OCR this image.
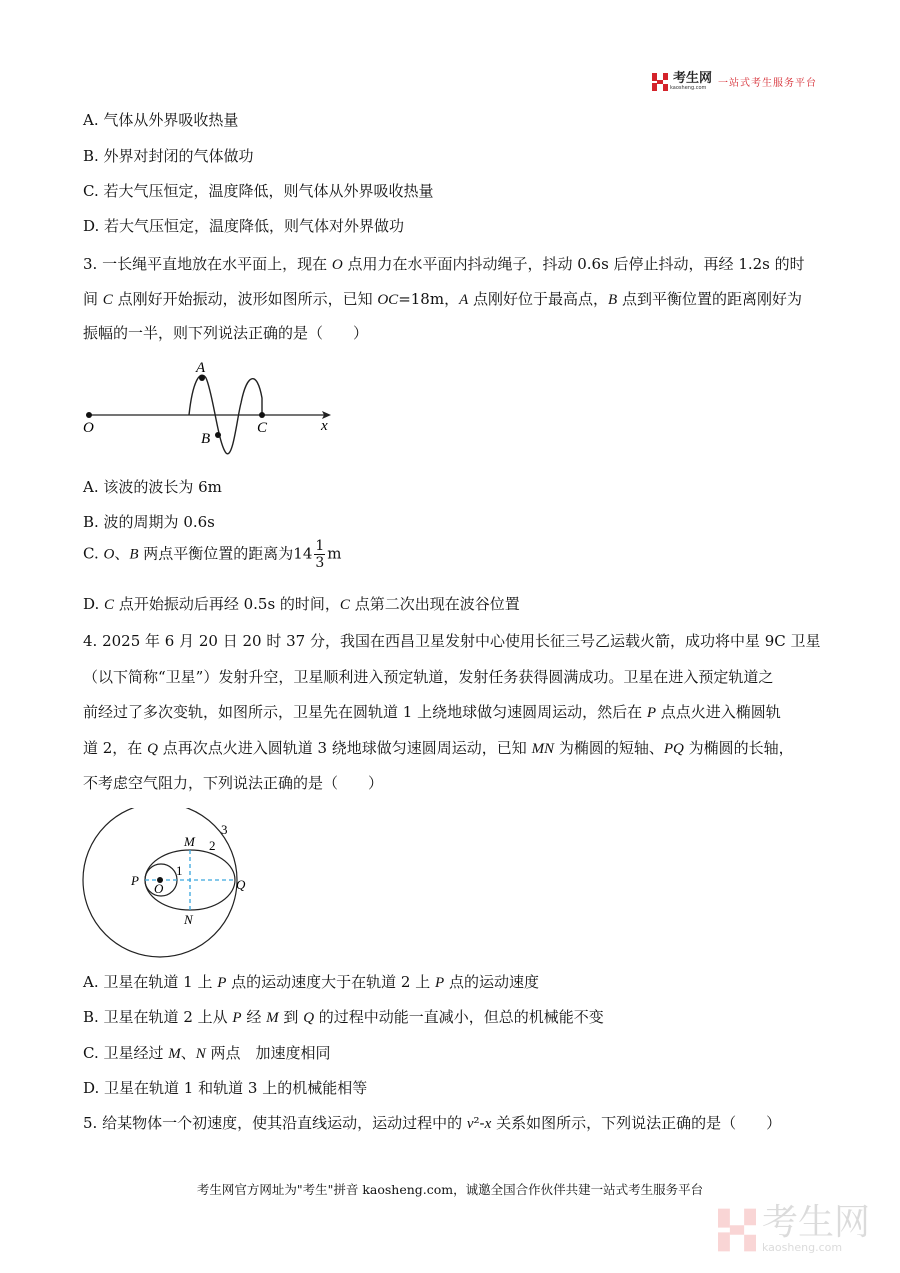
考生网
kaosheng.com	一站式考生服务平台
A. 气体从外界吸收热量
B. 外界对封闭的气体做功
C. 若大气压恒定，温度降低，则气体从外界吸收热量
D. 若大气压恒定，温度降低，则气体对外界做功
3. 一长绳平直地放在水平面上，现在 O 点用力在水平面内抖动绳子，抖动 0.6s 后停止抖动，再经 1.2s 的时
间 C 点刚好开始振动，波形如图所示，已知 OC=18m，A 点刚好位于最高点，B 点到平衡位置的距离刚好为
振幅的一半，则下列说法正确的是（　　）
A. 该波的波长为 6m
B. 波的周期为 0.6s
C. O、B 两点平衡位置的距离为$14 \frac{1}{3}$ m
D. C 点开始振动后再经 0.5s 的时间，C 点第二次出现在波谷位置
4. 2025 年 6 月 20 日 20 时 37 分，我国在西昌卫星发射中心使用长征三号乙运载火箭，成功将中星 9C 卫星
（以下简称“卫星”）发射升空，卫星顺利进入预定轨道，发射任务获得圆满成功。卫星在进入预定轨道之
前经过了多次变轨，如图所示，卫星先在圆轨道 1 上绕地球做匀速圆周运动，然后在 P 点点火进入椭圆轨
道 2，在 Q 点再次点火进入圆轨道 3 绕地球做匀速圆周运动，已知 MN 为椭圆的短轴、PQ 为椭圆的长轴，
不考虑空气阻力，下列说法正确的是（　　）
A. 卫星在轨道 1 上 P 点的运动速度大于在轨道 2 上 P 点的运动速度
B. 卫星在轨道 2 上从 P 经 M 到 Q 的过程中动能一直减小，但总的机械能不变
C. 卫星经过 M、N 两点　加速度相同
D. 卫星在轨道 1 和轨道 3 上的机械能相等
5. 给某物体一个初速度，使其沿直线运动，运动过程中的 v²-x 关系如图所示，下列说法正确的是（　　）
O
A
B
C	x
M
N
P	Q
O
1
2
3
考生网官方网址为"考生"拼音 kaosheng.com，诚邀全国合作伙伴共建一站式考生服务平台
考生网
kaosheng.com
